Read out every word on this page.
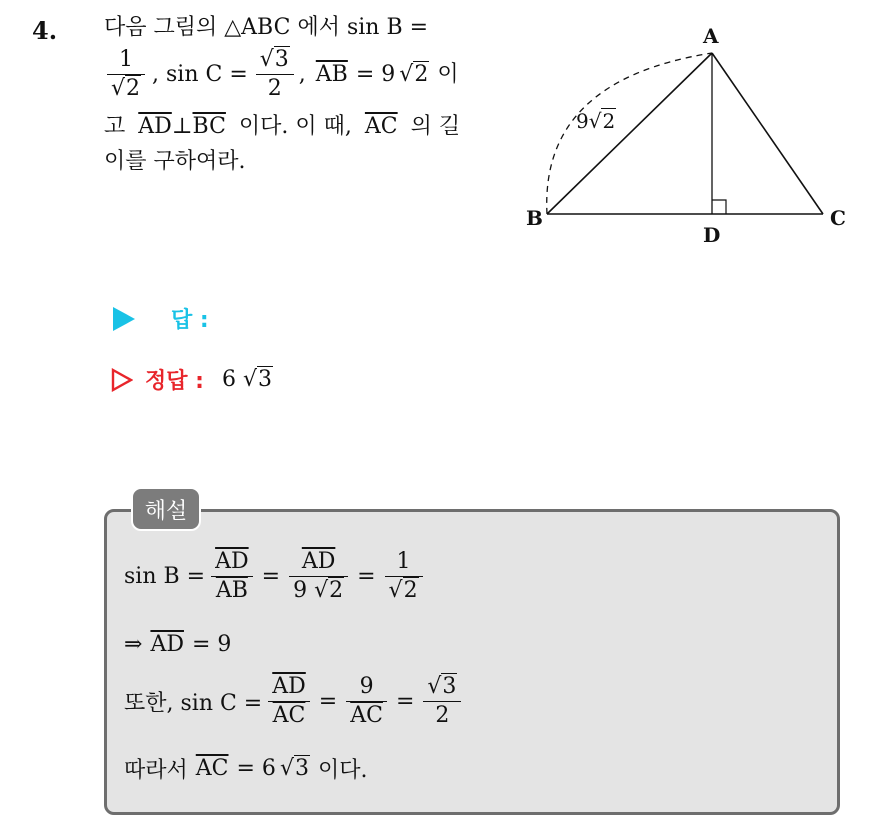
4. 다음 그림의 △ABC 에서 sin B =
$\frac{1}{√2}$ , $\sin C = \frac{√3}{2}$ , $\overline{AB} = 9$ √2 이
고 $\overline{AD}\perp\overline{BC}$ 이다. 이 때, $\overline{AC}$ 의 길
이를 구하여라.
A
B	C
D
9√2
답 :
정답 : 6 √3
해설
$\sin B = \frac{\overline{AD}}{AB} = \frac{\overline{AD}}{9 √2} = \frac{1}{√2}$
⇒ $\overline{AD} = 9$
또한, $\sin C = \frac{\overline{AD}}{AC} = \frac{9}{AC} = \frac{√3}{2}$
따라서 $\overline{AC} = 6$ √3 이다.
